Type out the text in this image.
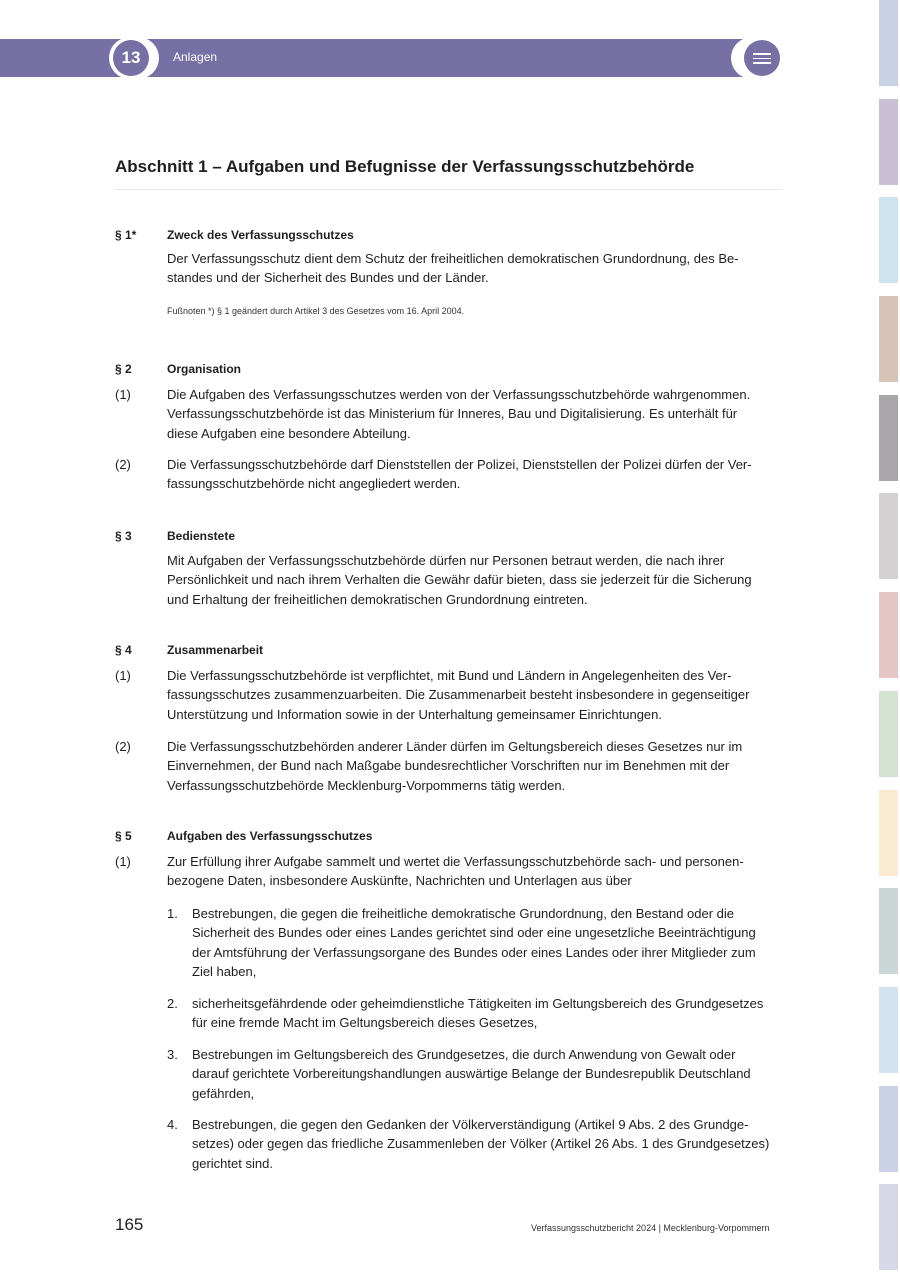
13	Anlagen
Abschnitt 1 – Aufgaben und Befugnisse der Verfassungsschutzbehörde
§ 1*	Zweck des Verfassungsschutzes
Der Verfassungsschutz dient dem Schutz der freiheitlichen demokratischen Grundordnung, des Be-
standes und der Sicherheit des Bundes und der Länder.
Fußnoten *) § 1 geändert durch Artikel 3 des Gesetzes vom 16. April 2004.
§ 2	Organisation
(1)	Die Aufgaben des Verfassungsschutzes werden von der Verfassungsschutzbehörde wahrgenommen.
Verfassungsschutzbehörde ist das Ministerium für Inneres, Bau und Digitalisierung. Es unterhält für
diese Aufgaben eine besondere Abteilung.
(2)	Die Verfassungsschutzbehörde darf Dienststellen der Polizei, Dienststellen der Polizei dürfen der Ver-
fassungsschutzbehörde nicht angegliedert werden.
§ 3	Bedienstete
Mit Aufgaben der Verfassungsschutzbehörde dürfen nur Personen betraut werden, die nach ihrer
Persönlichkeit und nach ihrem Verhalten die Gewähr dafür bieten, dass sie jederzeit für die Sicherung
und Erhaltung der freiheitlichen demokratischen Grundordnung eintreten.
§ 4	Zusammenarbeit
(1)	Die Verfassungsschutzbehörde ist verpflichtet, mit Bund und Ländern in Angelegenheiten des Ver-
fassungsschutzes zusammenzuarbeiten. Die Zusammenarbeit besteht insbesondere in gegenseitiger
Unterstützung und Information sowie in der Unterhaltung gemeinsamer Einrichtungen.
(2)	Die Verfassungsschutzbehörden anderer Länder dürfen im Geltungsbereich dieses Gesetzes nur im
Einvernehmen, der Bund nach Maßgabe bundesrechtlicher Vorschriften nur im Benehmen mit der
Verfassungsschutzbehörde Mecklenburg-Vorpommerns tätig werden.
§ 5	Aufgaben des Verfassungsschutzes
(1)	Zur Erfüllung ihrer Aufgabe sammelt und wertet die Verfassungsschutzbehörde sach- und personen-
bezogene Daten, insbesondere Auskünfte, Nachrichten und Unterlagen aus über
1. Bestrebungen, die gegen die freiheitliche demokratische Grundordnung, den Bestand oder die
Sicherheit des Bundes oder eines Landes gerichtet sind oder eine ungesetzliche Beeinträchtigung
der Amtsführung der Verfassungsorgane des Bundes oder eines Landes oder ihrer Mitglieder zum
Ziel haben,
2. sicherheitsgefährdende oder geheimdienstliche Tätigkeiten im Geltungsbereich des Grundgesetzes
für eine fremde Macht im Geltungsbereich dieses Gesetzes,
3. Bestrebungen im Geltungsbereich des Grundgesetzes, die durch Anwendung von Gewalt oder
darauf gerichtete Vorbereitungshandlungen auswärtige Belange der Bundesrepublik Deutschland
gefährden,
4. Bestrebungen, die gegen den Gedanken der Völkerverständigung (Artikel 9 Abs. 2 des Grundge-
setzes) oder gegen das friedliche Zusammenleben der Völker (Artikel 26 Abs. 1 des Grundgesetzes)
gerichtet sind.
165	Verfassungsschutzbericht 2024 | Mecklenburg-Vorpommern
